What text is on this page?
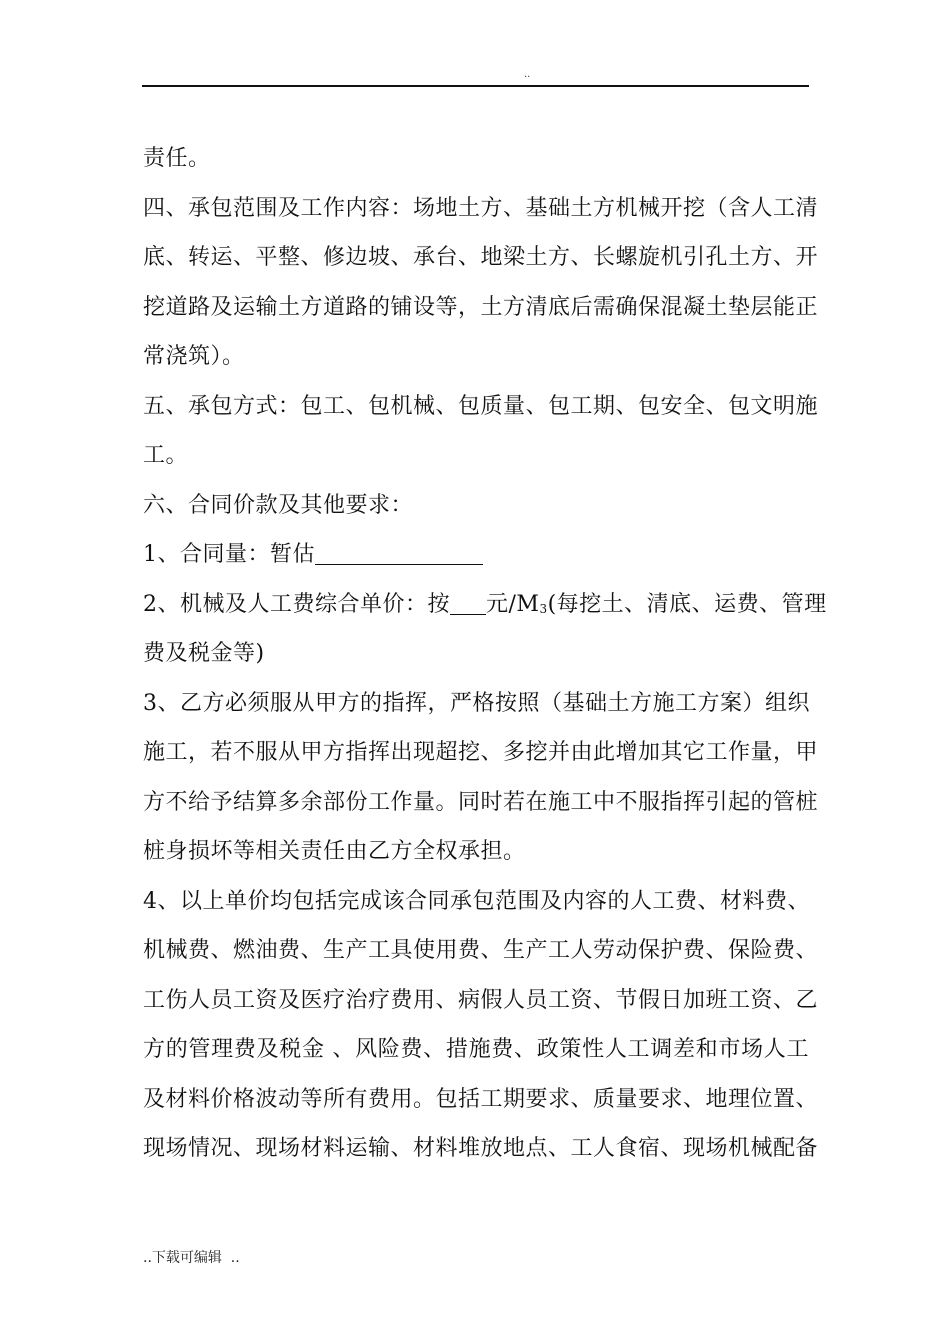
..
责任。
四、承包范围及工作内容：场地土方、基础土方机械开挖（含人工清
底、转运、平整、修边坡、承台、地梁土方、长螺旋机引孔土方、开
挖道路及运输土方道路的铺设等，土方清底后需确保混凝土垫层能正
常浇筑）。
五、承包方式：包工、包机械、包质量、包工期、包安全、包文明施
工。
六、合同价款及其他要求：
1、合同量：暂估
2、机械及人工费综合单价：按 元$/M_3$(每挖土、清底、运费、管理
费及税金等)
3、乙方必须服从甲方的指挥，严格按照（基础土方施工方案）组织
施工，若不服从甲方指挥出现超挖、多挖并由此增加其它工作量，甲
方不给予结算多余部份工作量。同时若在施工中不服指挥引起的管桩
桩身损坏等相关责任由乙方全权承担。
4、以上单价均包括完成该合同承包范围及内容的人工费、材料费、
机械费、燃油费、生产工具使用费、生产工人劳动保护费、保险费、
工伤人员工资及医疗治疗费用、病假人员工资、节假日加班工资、乙
方的管理费及税金 、风险费、措施费、政策性人工调差和市场人工
及材料价格波动等所有费用。包括工期要求、质量要求、地理位置、
现场情况、现场材料运输、材料堆放地点、工人食宿、现场机械配备
..下载可编辑  ..
